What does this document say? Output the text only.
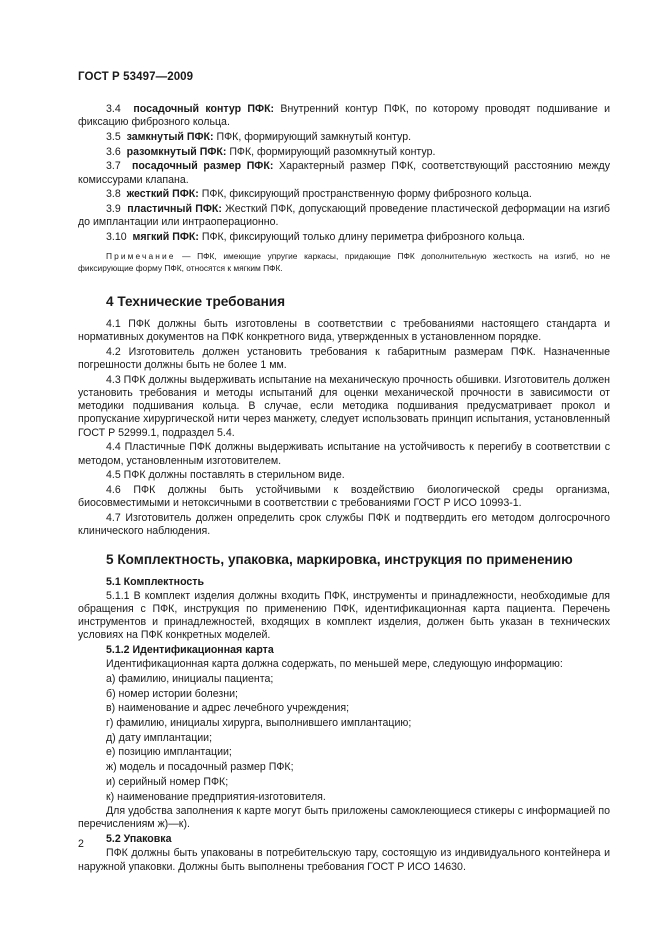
ГОСТ Р 53497—2009

3.4 посадочный контур ПФК: Внутренний контур ПФК, по которому проводят подшивание и фиксацию фиброзного кольца.

3.5 замкнутый ПФК: ПФК, формирующий замкнутый контур.

3.6 разомкнутый ПФК: ПФК, формирующий разомкнутый контур.

3.7 посадочный размер ПФК: Характерный размер ПФК, соответствующий расстоянию между комиссурами клапана.

3.8 жесткий ПФК: ПФК, фиксирующий пространственную форму фиброзного кольца.

3.9 пластичный ПФК: Жесткий ПФК, допускающий проведение пластической деформации на изгиб до имплантации или интраоперационно.

3.10 мягкий ПФК: ПФК, фиксирующий только длину периметра фиброзного кольца.

Примечание — ПФК, имеющие упругие каркасы, придающие ПФК дополнительную жесткость на изгиб, но не фиксирующие форму ПФК, относятся к мягким ПФК.

4 Технические требования

4.1 ПФК должны быть изготовлены в соответствии с требованиями настоящего стандарта и нормативных документов на ПФК конкретного вида, утвержденных в установленном порядке.

4.2 Изготовитель должен установить требования к габаритным размерам ПФК. Назначенные погрешности должны быть не более 1 мм.

4.3 ПФК должны выдерживать испытание на механическую прочность обшивки. Изготовитель должен установить требования и методы испытаний для оценки механической прочности в зависимости от методики подшивания кольца. В случае, если методика подшивания предусматривает прокол и пропускание хирургической нити через манжету, следует использовать принцип испытания, установленный ГОСТ Р 52999.1, подраздел 5.4.

4.4 Пластичные ПФК должны выдерживать испытание на устойчивость к перегибу в соответствии с методом, установленным изготовителем.

4.5 ПФК должны поставлять в стерильном виде.

4.6 ПФК должны быть устойчивыми к воздействию биологической среды организма, биосовместимыми и нетоксичными в соответствии с требованиями ГОСТ Р ИСО 10993-1.

4.7 Изготовитель должен определить срок службы ПФК и подтвердить его методом долгосрочного клинического наблюдения.

5 Комплектность, упаковка, маркировка, инструкция по применению
5.1 Комплектность

5.1.1 В комплект изделия должны входить ПФК, инструменты и принадлежности, необходимые для обращения с ПФК, инструкция по применению ПФК, идентификационная карта пациента. Перечень инструментов и принадлежностей, входящих в комплект изделия, должен быть указан в технических условиях на ПФК конкретных моделей.

5.1.2 Идентификационная карта

Идентификационная карта должна содержать, по меньшей мере, следующую информацию:

а) фамилию, инициалы пациента;
б) номер истории болезни;
в) наименование и адрес лечебного учреждения;
г) фамилию, инициалы хирурга, выполнившего имплантацию;
д) дату имплантации;
е) позицию имплантации;
ж) модель и посадочный размер ПФК;
и) серийный номер ПФК;
к) наименование предприятия-изготовителя.

Для удобства заполнения к карте могут быть приложены самоклеющиеся стикеры с информацией по перечислениям ж)—к).

5.2 Упаковка

ПФК должны быть упакованы в потребительскую тару, состоящую из индивидуального контейнера и наружной упаковки. Должны быть выполнены требования ГОСТ Р ИСО 14630.

2
